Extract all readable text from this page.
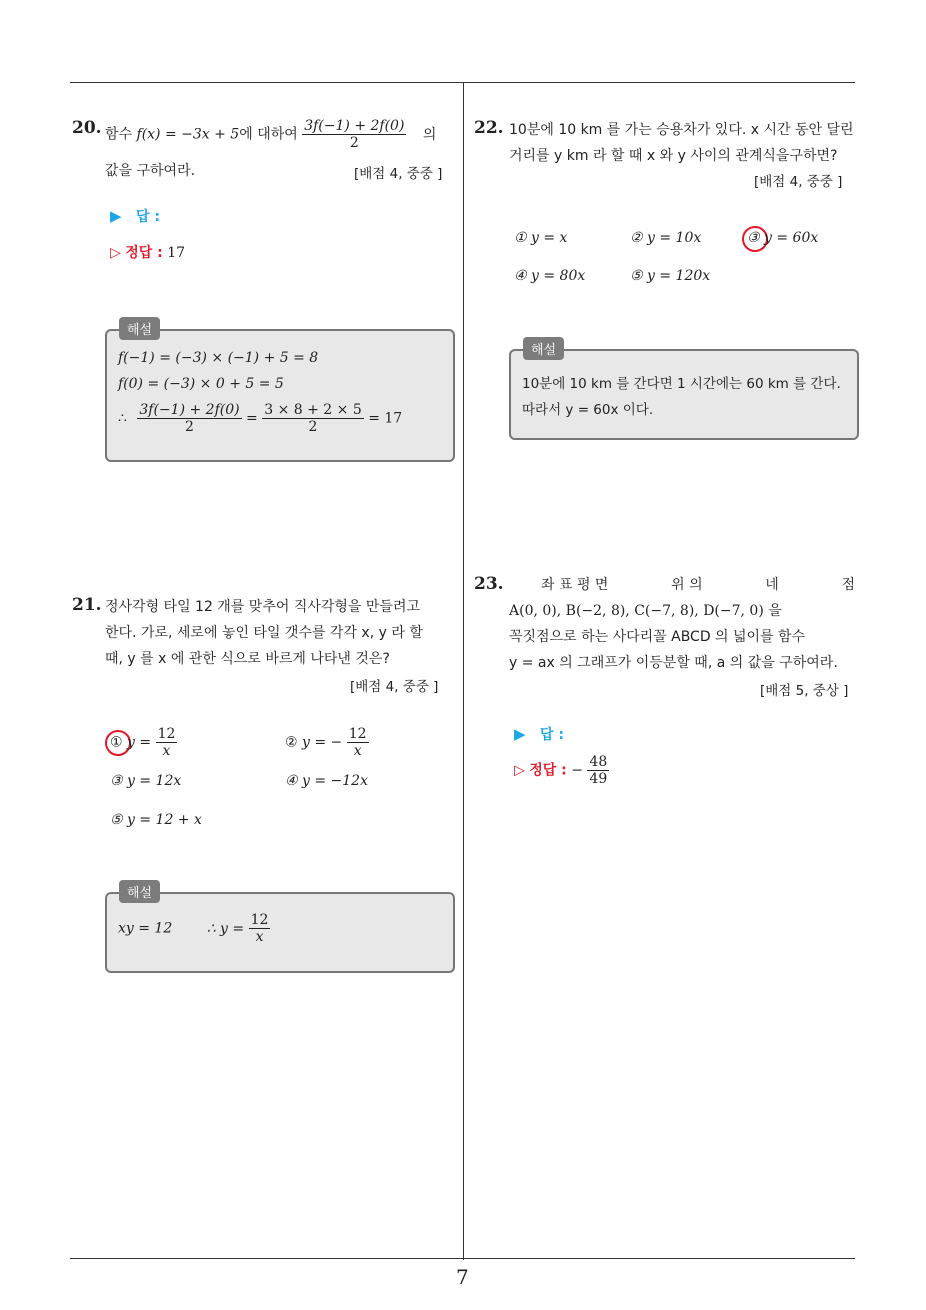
20. 함수 f(x) = −3x + 5에 대하여 $\frac{3f(-1) + 2f(0)}{2}$ 의
값을 구하여라.	[배점 4, 중중 ]
▶ 답 :
▷ 정답 : 17
해설
f(−1) = (−3) × (−1) + 5 = 8
f(0) = (−3) × 0 + 5 = 5
∴ $\frac{3f(-1) + 2f(0)}{2} = \frac{3 \times 8 + 2 \times 5}{2} = 17$
21. 정사각형 타일 12 개를 맞추어 직사각형을 만들려고
한다. 가로, 세로에 놓인 타일 갯수를 각각 x, y 라 할
때, y 를 x 에 관한 식으로 바르게 나타낸 것은?
[배점 4, 중중 ]
① $y = \frac{12}{x}$	② y = − $\frac{12}{x}$
③ y = 12x	④ y = −12x
⑤ y = 12 + x
해설
xy = 12 ∴ $y = \frac{12}{x}$
22. 10분에 10 km 를 가는 승용차가 있다. x 시간 동안 달린
거리를 y km 라 할 때 x 와 y 사이의 관계식을구하면?
[배점 4, 중중 ]
① y = x	② y = 10x	③ y = 60x
④ y = 80x	⑤ y = 120x
해설
10분에 10 km 를 간다면 1 시간에는 60 km 를 간다.
따라서 y = 60x 이다.
23.	좌 표 평 면	위 의	네	점
A(0, 0), B(−2, 8), C(−7, 8), D(−7, 0) 을
꼭짓점으로 하는 사다리꼴 ABCD 의 넓이를 함수
y = ax 의 그래프가 이등분할 때, a 의 값을 구하여라.
[배점 5, 중상 ]
▶ 답 :
▷ 정답 : − $\frac{48}{49}$
7
